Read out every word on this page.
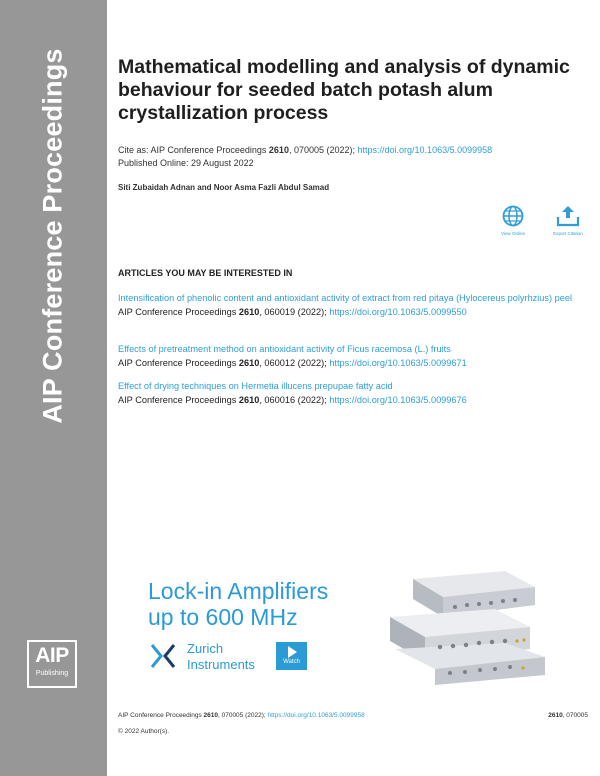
AIP Conference Proceedings
AIP
Publishing
Mathematical modelling and analysis of dynamic behaviour for seeded batch potash alum crystallization process
Cite as: AIP Conference Proceedings 2610, 070005 (2022); https://doi.org/10.1063/5.0099958
Published Online: 29 August 2022
Siti Zubaidah Adnan and Noor Asma Fazli Abdul Samad
View Online	Export Citation
ARTICLES YOU MAY BE INTERESTED IN
Intensification of phenolic content and antioxidant activity of extract from red pitaya (Hylocereus polyrhzius) peel
AIP Conference Proceedings 2610, 060019 (2022); https://doi.org/10.1063/5.0099550
Effects of pretreatment method on antioxidant activity of Ficus racemosa (L.) fruits
AIP Conference Proceedings 2610, 060012 (2022); https://doi.org/10.1063/5.0099671
Effect of drying techniques on Hermetia illucens prepupae fatty acid
AIP Conference Proceedings 2610, 060016 (2022); https://doi.org/10.1063/5.0099676
Lock-in Amplifiers
up to 600 MHz
Zurich
Instruments	Watch
AIP Conference Proceedings 2610, 070005 (2022); https://doi.org/10.1063/5.0099958	2610, 070005
© 2022 Author(s).
